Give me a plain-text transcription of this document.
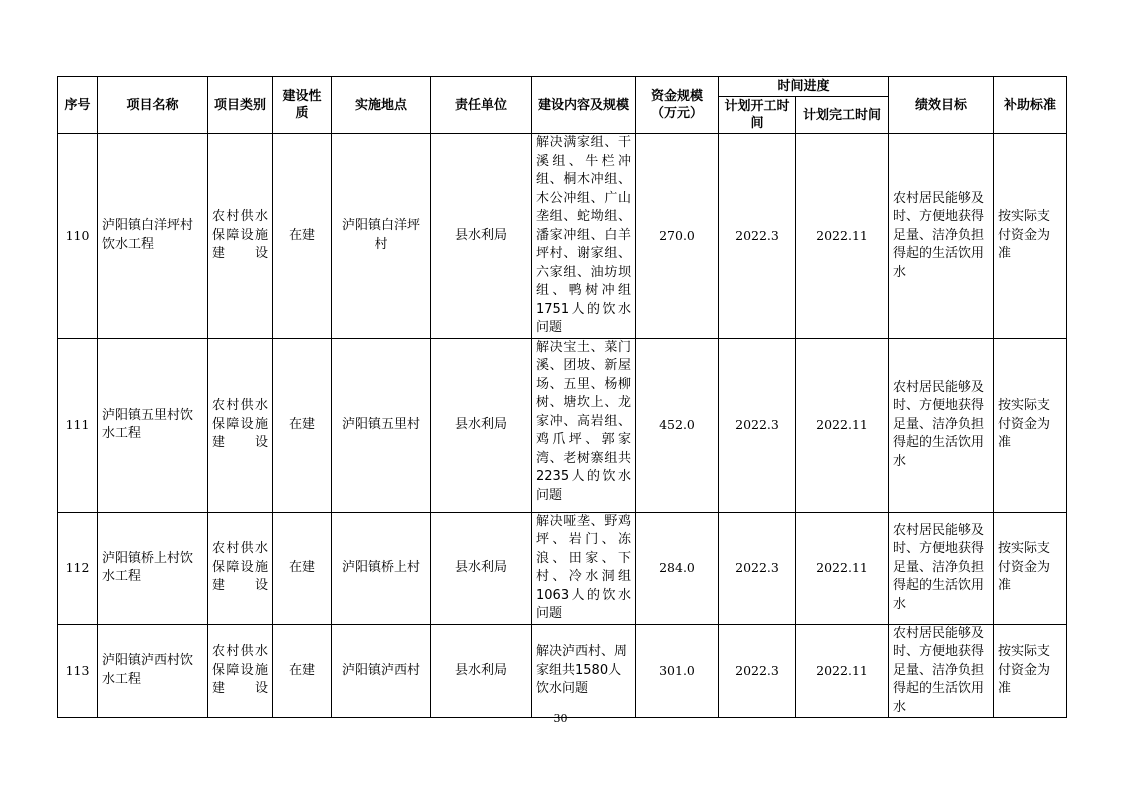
序号	项目名称	项目类别	建设性质	实施地点	责任单位	建设内容及规模	资金规模（万元）	时间进度		绩效目标	补助标准
								计划开工时间	计划完工时间		
110	泸阳镇白洋坪村饮水工程	农村供水保障设施建设	在建	泸阳镇白洋坪村	县水利局	解决满家组、干溪组、牛栏冲组、桐木冲组、木公冲组、广山垄组、蛇坳组、潘家冲组、白羊坪村、谢家组、六家组、油坊坝组、鸭树冲组1751人的饮水问题	270.0	2022.3	2022.11	农村居民能够及时、方便地获得足量、洁净负担得起的生活饮用水	按实际支付资金为准
111	泸阳镇五里村饮水工程	农村供水保障设施建设	在建	泸阳镇五里村	县水利局	解决宝土、菜门溪、团坡、新屋场、五里、杨柳树、塘坎上、龙家冲、高岩组、鸡爪坪、郭家湾、老树寨组共2235人的饮水问题	452.0	2022.3	2022.11	农村居民能够及时、方便地获得足量、洁净负担得起的生活饮用水	按实际支付资金为准
112	泸阳镇桥上村饮水工程	农村供水保障设施建设	在建	泸阳镇桥上村	县水利局	解决哑垄、野鸡坪、岩门、冻浪、田家、下村、冷水洞组1063人的饮水问题	284.0	2022.3	2022.11	农村居民能够及时、方便地获得足量、洁净负担得起的生活饮用水	按实际支付资金为准
113	泸阳镇泸西村饮水工程	农村供水保障设施建设	在建	泸阳镇泸西村	县水利局	解决泸西村、周家组共1580人饮水问题	301.0	2022.3	2022.11	农村居民能够及时、方便地获得足量、洁净负担得起的生活饮用水	按实际支付资金为准
30
